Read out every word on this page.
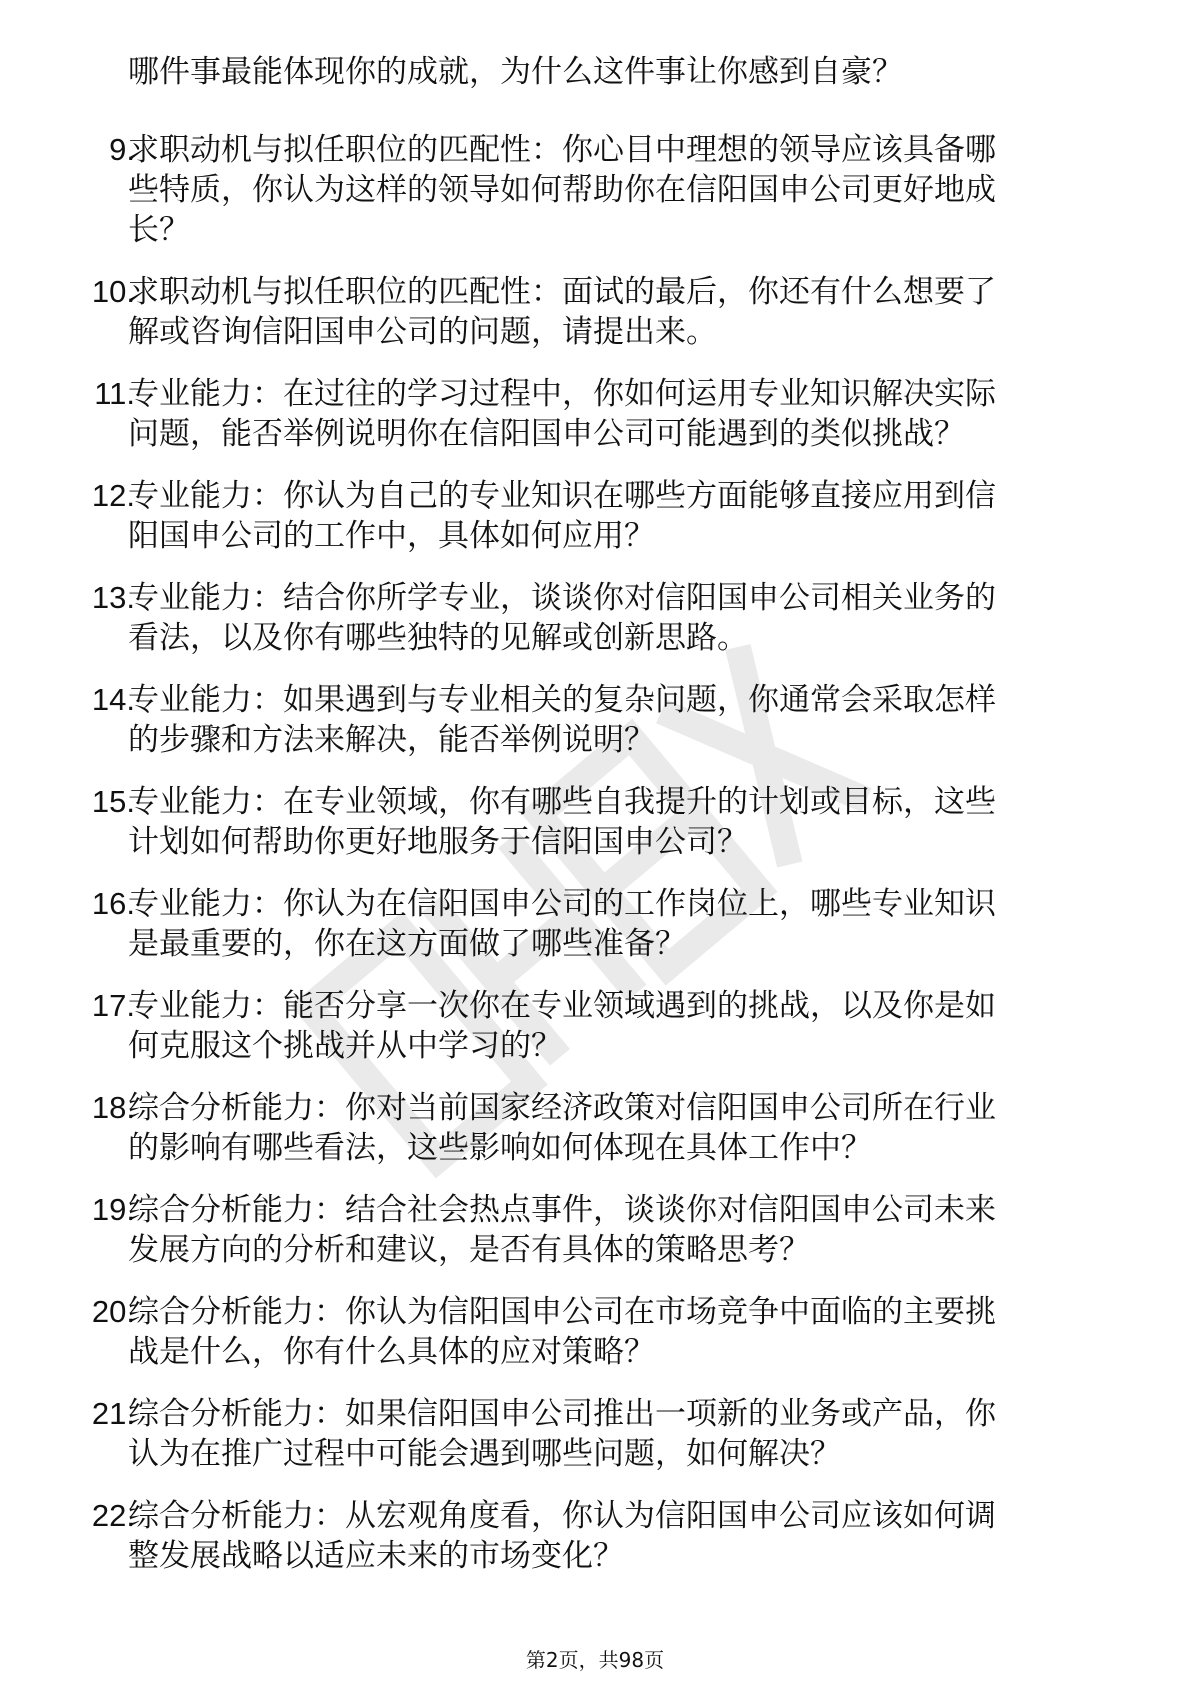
哪件事最能体现你的成就，为什么这件事让你感到自豪？
9.
求职动机与拟任职位的匹配性：你心目中理想的领导应该具备哪
些特质，你认为这样的领导如何帮助你在信阳国申公司更好地成
长？
10.
求职动机与拟任职位的匹配性：面试的最后，你还有什么想要了
解或咨询信阳国申公司的问题，请提出来。
11.
专业能力：在过往的学习过程中，你如何运用专业知识解决实际
问题，能否举例说明你在信阳国申公司可能遇到的类似挑战？
12.
专业能力：你认为自己的专业知识在哪些方面能够直接应用到信
阳国申公司的工作中，具体如何应用？
13.
专业能力：结合你所学专业，谈谈你对信阳国申公司相关业务的
看法，以及你有哪些独特的见解或创新思路。
14.
专业能力：如果遇到与专业相关的复杂问题，你通常会采取怎样
的步骤和方法来解决，能否举例说明？
15.
专业能力：在专业领域，你有哪些自我提升的计划或目标，这些
计划如何帮助你更好地服务于信阳国申公司？
16.
专业能力：你认为在信阳国申公司的工作岗位上，哪些专业知识
是最重要的，你在这方面做了哪些准备？
17.
专业能力：能否分享一次你在专业领域遇到的挑战，以及你是如
何克服这个挑战并从中学习的？
18.
综合分析能力：你对当前国家经济政策对信阳国申公司所在行业
的影响有哪些看法，这些影响如何体现在具体工作中？
19.
综合分析能力：结合社会热点事件，谈谈你对信阳国申公司未来
发展方向的分析和建议，是否有具体的策略思考？
20.
综合分析能力：你认为信阳国申公司在市场竞争中面临的主要挑
战是什么，你有什么具体的应对策略？
21.
综合分析能力：如果信阳国申公司推出一项新的业务或产品，你
认为在推广过程中可能会遇到哪些问题，如何解决？
22.
综合分析能力：从宏观角度看，你认为信阳国申公司应该如何调
整发展战略以适应未来的市场变化？
第2页，共98页
